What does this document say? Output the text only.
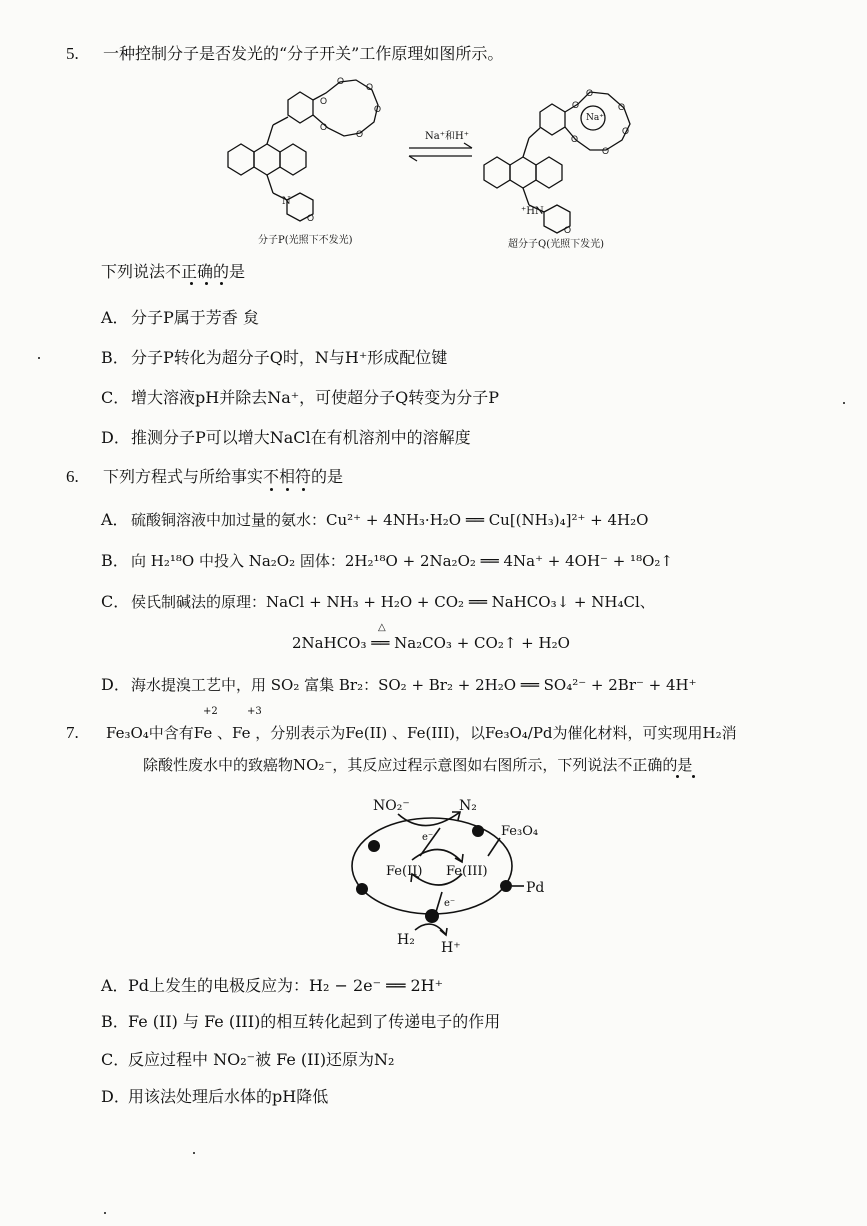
5. 一种控制分子是否发光的“分子开关”工作原理如图所示。
O
O
O
O
O
O
O
O
O
O
O
O
O
O
N
Na⁺
⁺HN
Na⁺和H⁺
分子P(光照下不发光)	超分子Q(光照下发光)
下列说法不正确的是
A． 分子P属于芳香 炱
B． 分子P转化为超分子Q时，N与H⁺形成配位键
C． 增大溶液pH并除去Na⁺，可使超分子Q转变为分子P
D． 推测分子P可以增大NaCl在有机溶剂中的溶解度
6. 下列方程式与所给事实不相符的是
A． 硫酸铜溶液中加过量的氨水：Cu²⁺ + 4NH₃·H₂O ══ Cu[(NH₃)₄]²⁺ + 4H₂O
B． 向 H₂¹⁸O 中投入 Na₂O₂ 固体：2H₂¹⁸O + 2Na₂O₂ ══ 4Na⁺ + 4OH⁻ + ¹⁸O₂↑
C． 侯氏制碱法的原理：NaCl + NH₃ + H₂O + CO₂ ══ NaHCO₃↓ + NH₄Cl、
△
2NaHCO₃ ══ Na₂CO₃ + CO₂↑ + H₂O
D． 海水提溴工艺中，用 SO₂ 富集 Br₂：SO₂ + Br₂ + 2H₂O ══ SO₄²⁻ + 2Br⁻ + 4H⁺
+2	+3
7. Fe₃O₄中含有Fe 、Fe ，分别表示为Fe(II) 、Fe(III)，以Fe₃O₄/Pd为催化材料，可实现用H₂消
除酸性废水中的致癌物NO₂⁻，其反应过程示意图如右图所示，下列说法不正确的是
NO₂⁻	N₂
Fe₃O₄
e⁻
Fe(II) Fe(III)
e⁻
Pd
H₂ H⁺
A． Pd上发生的电极反应为：H₂ − 2e⁻ ══ 2H⁺
B． Fe (II) 与 Fe (III)的相互转化起到了传递电子的作用
C．
反应过程中 NO₂⁻被 Fe (II)还原为N₂
D．
用该法处理后水体的pH降低
